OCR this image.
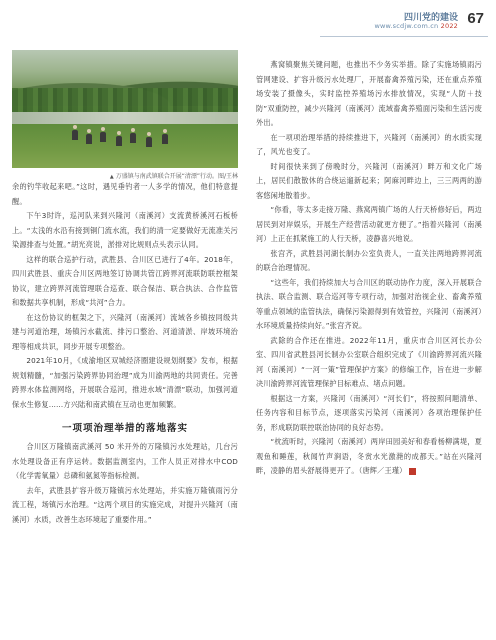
四川党的建设
www.scdjw.com.cn 2022 67
▲ 万盛镇与南武镇联合开展“清漂”行动。图/王林

余的钓竿收起来吧。”这时，遇见垂钓者一人多学的情况，他们特意提醒。

下午3时许，巡河队来到兴隆河（南溪河）支流黄桥溪河石板桥上。“太浅的水沿有接到铜门流水流，我们的清一定要做好无流准关污染源排查与处置。”胡光亮说，淤排对比规则点头表示认同。

这样的联合巡护行动，武胜县、合川区已进行了4年。2018年，四川武胜县、重庆合川区两地签订协调共管江跨界河流联防联控框架协议，建立跨界河流管理联合巡查、联合保洁、联合执法、合作监管和数据共享机制，形成“共河”合力。

在这份协议的框架之下，兴隆河（南溪河）流域各乡镇按同级共建与河道治理，场镇污水截流、排污口整治、河道清淤、岸坡环境治理等相成共识，同步开展专项整治。

2021年10月，《成渝地区双城经济圈建设规划纲要》发布，根据规划精髓，“加强污染跨界协同治理”成为川渝两地的共同责任。完善跨界水体监测网络，开展联合巡河，推进水域“清漂”联动，加强河道保水生修复……方兴陆和南武镇在互动也更加频繁。

一项项治理举措的落地落实

合川区万隆镇南武溪河 50 米开外的万隆镇污水处理站，几台污水处理设备正有序运转。数据监测室内，工作人员正对排水中COD（化学需氧量）总磷和氨氮等指标检测。

去年，武胜县扩容升级万隆镇污水处理站，并实施万隆镇雨污分流工程，场镇污水治理。“这两个项目的实施完成，对提升兴隆河（南溪河）水质，改善生态环境起了重要作用。”

燕窝镇聚焦关键问题，也推出不少务实举措。除了实施场镇雨污管网建设、扩容升级污水处理厂，开展畜禽养殖污染，还在重点养殖场安装了摄像头，实时监控养殖场污水排放情况，实现“人防＋技防”双重防控，减少兴隆河（南溪河）流域畜禽养殖面污染和生活污废外出。

在一项项治理举措的持续推进下，兴隆河（南溪河）的水质实现了，风光也变了。

时间很快来到了傍晚时分，兴隆河（南溪河）畔万和文化广场上，居民们散散休的合绕运遛新起来；阿麻河畔边上，三三两两的游客悠闲地散着步。

“你看，等太多走接万隆、燕窝两镇广场的人行天桥修好后，两边居民到对岸娱乐，开展生产经营活动就更方便了。”指着兴隆河（南溪河）上正在抓紧施工的人行天桥，凌静喜兴地说。

张宫齐，武胜县河湖长制办公室负责人，一直关注两地跨界河流的联合治理情况。

“这些年，我们持续加大与合川区的联动协作力度，深入开展联合执法、联合监测、联合巡河等专项行动，加强对治视企业、畜禽养殖等重点领域的监管执法，确保污染源得到有效管控，兴隆河（南溪河）水环境质量持续向好。”张宫齐说。

武除的合作还在推进。2022年11月，重庆市合川区河长办公室、四川省武胜县河长制办公室联合组织完成了《川渝跨界河流兴隆河（南溪河）“一河一策”管理保护方案》的修编工作，旨在进一步解决川渝跨界河流管理保护目标难点、堵点问题。

根据这一方案，兴隆河（南溪河）“河长们”，将按照问题清单、任务内容和目标节点，逐项落实污染河（南溪河）各项治理保护任务，形成联防联控联治协同的良好态势。

“枕流听时，兴隆河（南溪河）两岸田园美好和春看杨柳满堤，夏观鱼和睡莲，秋闻竹声涧语，冬赏水光激滟的成都天。”站在兴隆河畔，凌静的眉头舒展得更开了。（唐辉／王瑾）
